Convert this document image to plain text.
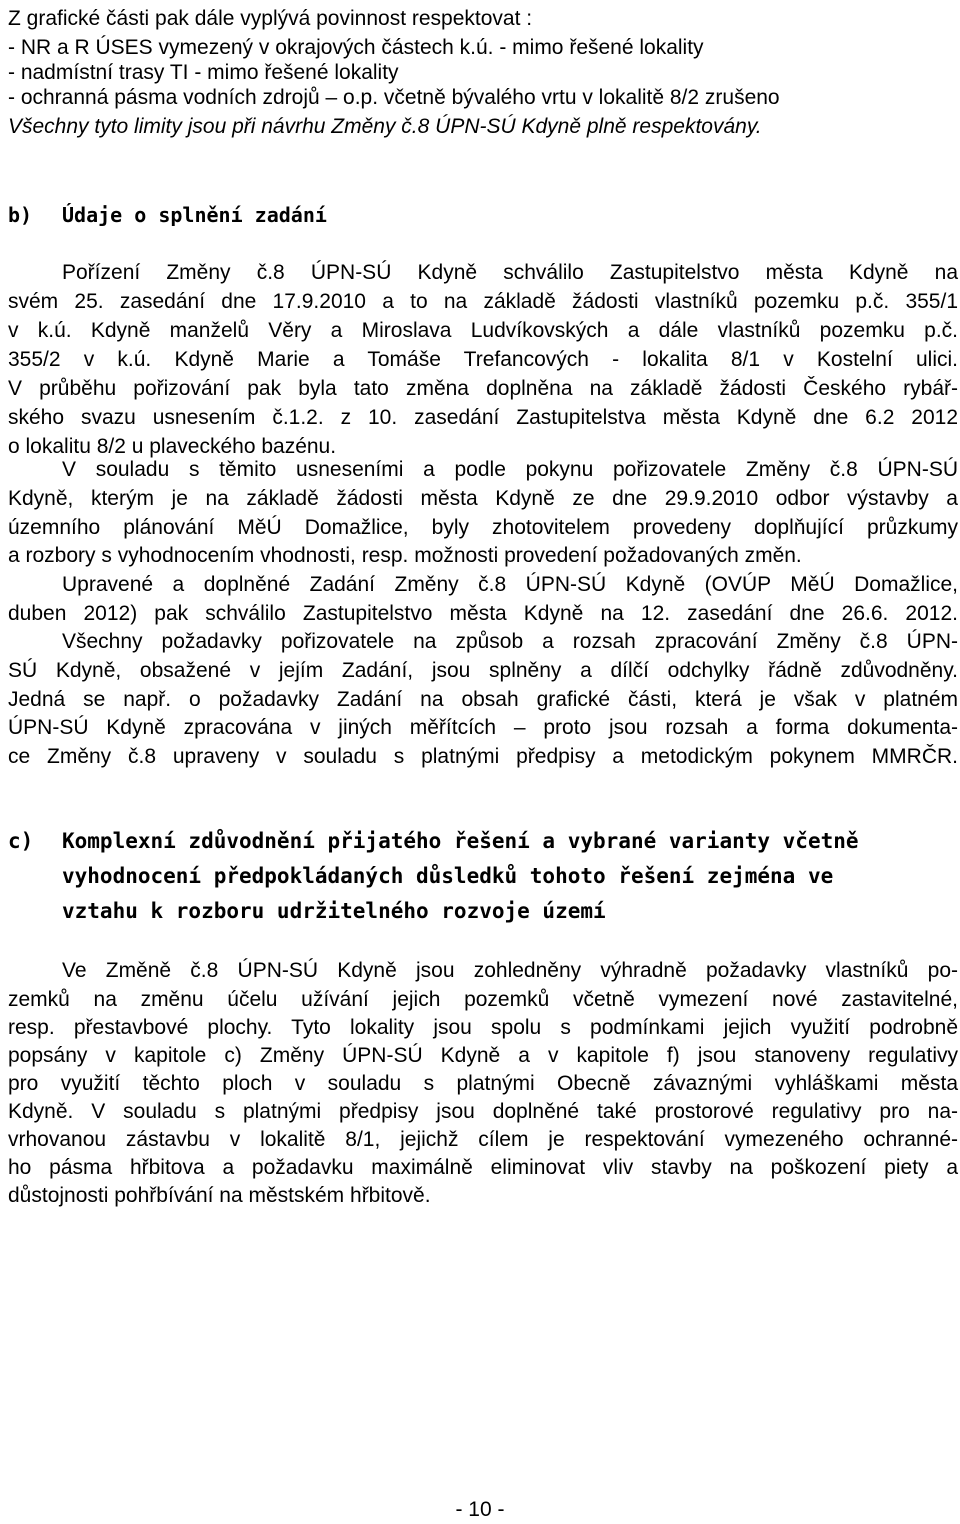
Z grafické části pak dále vyplývá povinnost respektovat :
- NR a R ÚSES vymezený v okrajových částech k.ú. - mimo řešené lokality
- nadmístní trasy TI - mimo řešené lokality
- ochranná pásma vodních zdrojů – o.p. včetně bývalého vrtu v lokalitě 8/2 zrušeno
Všechny tyto limity jsou při návrhu Změny č.8 ÚPN-SÚ Kdyně plně respektovány.
b) Údaje o splnění zadání
Pořízení Změny č.8 ÚPN-SÚ Kdyně schválilo Zastupitelstvo města Kdyně na
svém 25. zasedání dne 17.9.2010 a to na základě žádosti vlastníků pozemku p.č. 355/1
v k.ú. Kdyně manželů Věry a Miroslava Ludvíkovských a dále vlastníků pozemku p.č.
355/2 v k.ú. Kdyně Marie a Tomáše Trefancových - lokalita 8/1 v Kostelní ulici.
V průběhu pořizování pak byla tato změna doplněna na základě žádosti Českého rybář-
ského svazu usnesením č.1.2. z 10. zasedání Zastupitelstva města Kdyně dne 6.2 2012
o lokalitu 8/2 u plaveckého bazénu.
V souladu s těmito usneseními a podle pokynu pořizovatele Změny č.8 ÚPN-SÚ
Kdyně, kterým je na základě žádosti města Kdyně ze dne 29.9.2010 odbor výstavby a
územního plánování MěÚ Domažlice, byly zhotovitelem provedeny doplňující průzkumy
a rozbory s vyhodnocením vhodnosti, resp. možnosti provedení požadovaných změn.
Upravené a doplněné Zadání Změny č.8 ÚPN-SÚ Kdyně (OVÚP MěÚ Domažlice,
duben 2012) pak schválilo Zastupitelstvo města Kdyně na 12. zasedání dne 26.6. 2012.
Všechny požadavky pořizovatele na způsob a rozsah zpracování Změny č.8 ÚPN-
SÚ Kdyně, obsažené v jejím Zadání, jsou splněny a dílčí odchylky řádně zdůvodněny.
Jedná se např. o požadavky Zadání na obsah grafické části, která je však v platném
ÚPN-SÚ Kdyně zpracována v jiných měřítcích – proto jsou rozsah a forma dokumenta-
ce Změny č.8 upraveny v souladu s platnými předpisy a metodickým pokynem MMRČR.
c) Komplexní zdůvodnění přijatého řešení a vybrané varianty včetně
vyhodnocení předpokládaných důsledků tohoto řešení zejména ve
vztahu k rozboru udržitelného rozvoje území
Ve Změně č.8 ÚPN-SÚ Kdyně jsou zohledněny výhradně požadavky vlastníků po-
zemků na změnu účelu užívání jejich pozemků včetně vymezení nové zastavitelné,
resp. přestavbové plochy. Tyto lokality jsou spolu s podmínkami jejich využití podrobně
popsány v kapitole c) Změny ÚPN-SÚ Kdyně a v kapitole f) jsou stanoveny regulativy
pro využití těchto ploch v souladu s platnými Obecně závaznými vyhláškami města
Kdyně. V souladu s platnými předpisy jsou doplněné také prostorové regulativy pro na-
vrhovanou zástavbu v lokalitě 8/1, jejichž cílem je respektování vymezeného ochranné-
ho pásma hřbitova a požadavku maximálně eliminovat vliv stavby na poškození piety a
důstojnosti pohřbívání na městském hřbitově.
- 10 -
